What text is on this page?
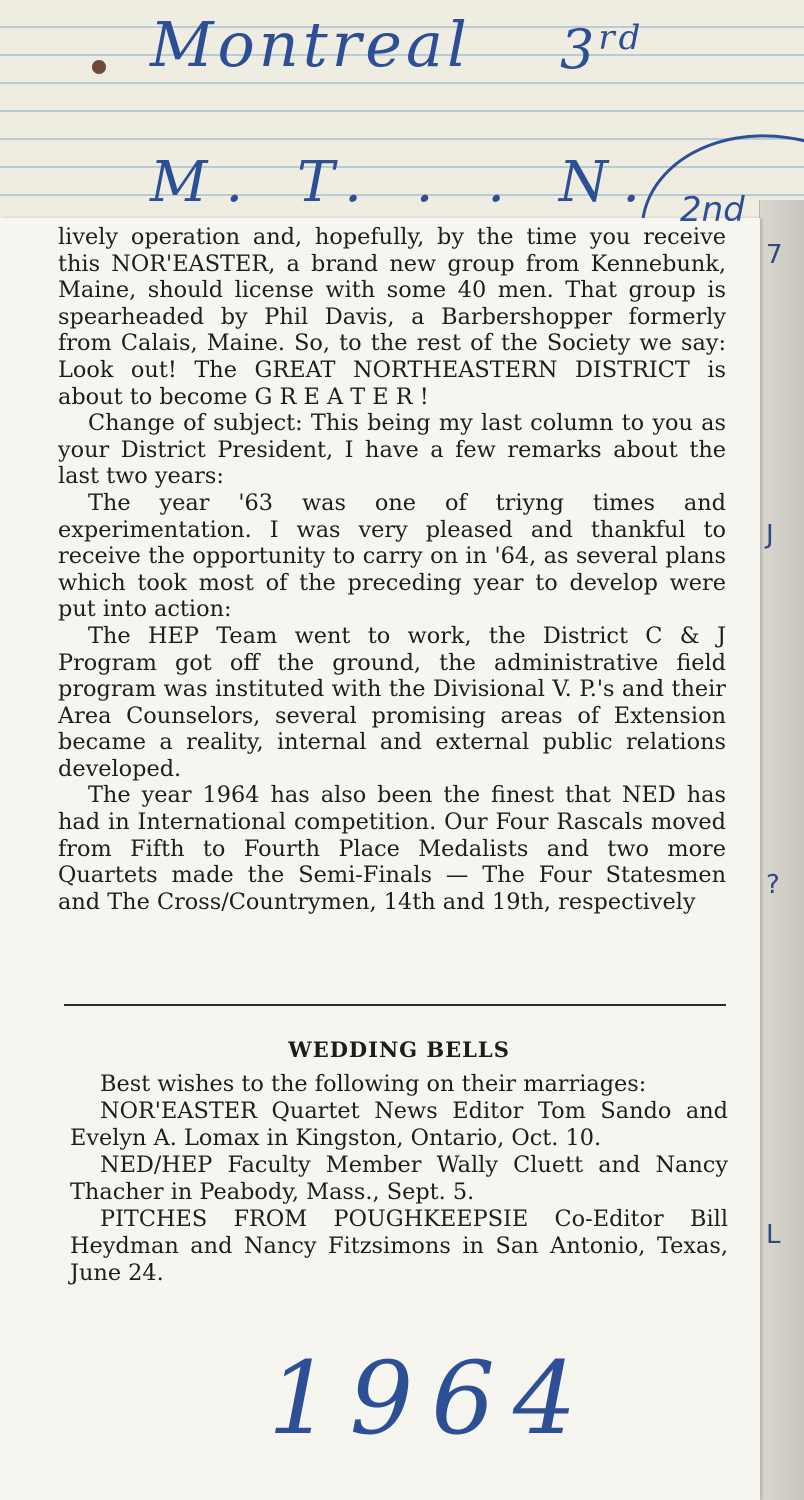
7
J
?
L
Montreal 3rd
M. T. . . N.

lively operation and, hopefully, by the time you receive this NOR'EASTER, a brand new group from Kennebunk, Maine, should license with some 40 men. That group is spearheaded by Phil Davis, a Barbershopper formerly from Calais, Maine. So, to the rest of the Society we say: Look out! The GREAT NORTHEASTERN DISTRICT is about to become G R E A T E R !

Change of subject: This being my last column to you as your District President, I have a few remarks about the last two years:

The year '63 was one of triyng times and experimentation. I was very pleased and thankful to receive the opportunity to carry on in '64, as several plans which took most of the preceding year to develop were put into action:

The HEP Team went to work, the District C & J Program got off the ground, the administrative field program was instituted with the Divisional V. P.'s and their Area Counselors, several promising areas of Extension became a reality, internal and external public relations developed.

The year 1964 has also been the finest that NED has had in International competition. Our Four Rascals moved from Fifth to Fourth Place Medalists and two more Quartets made the Semi-Finals — The Four Statesmen and The Cross/Countrymen, 14th and 19th, respectively

WEDDING BELLS

Best wishes to the following on their marriages:

NOR'EASTER Quartet News Editor Tom Sando and Evelyn A. Lomax in Kingston, Ontario, Oct. 10.

NED/HEP Faculty Member Wally Cluett and Nancy Thacher in Peabody, Mass., Sept. 5.

PITCHES FROM POUGHKEEPSIE Co-Editor Bill Heydman and Nancy Fitzsimons in San Antonio, Texas, June 24.

2nd
1964
